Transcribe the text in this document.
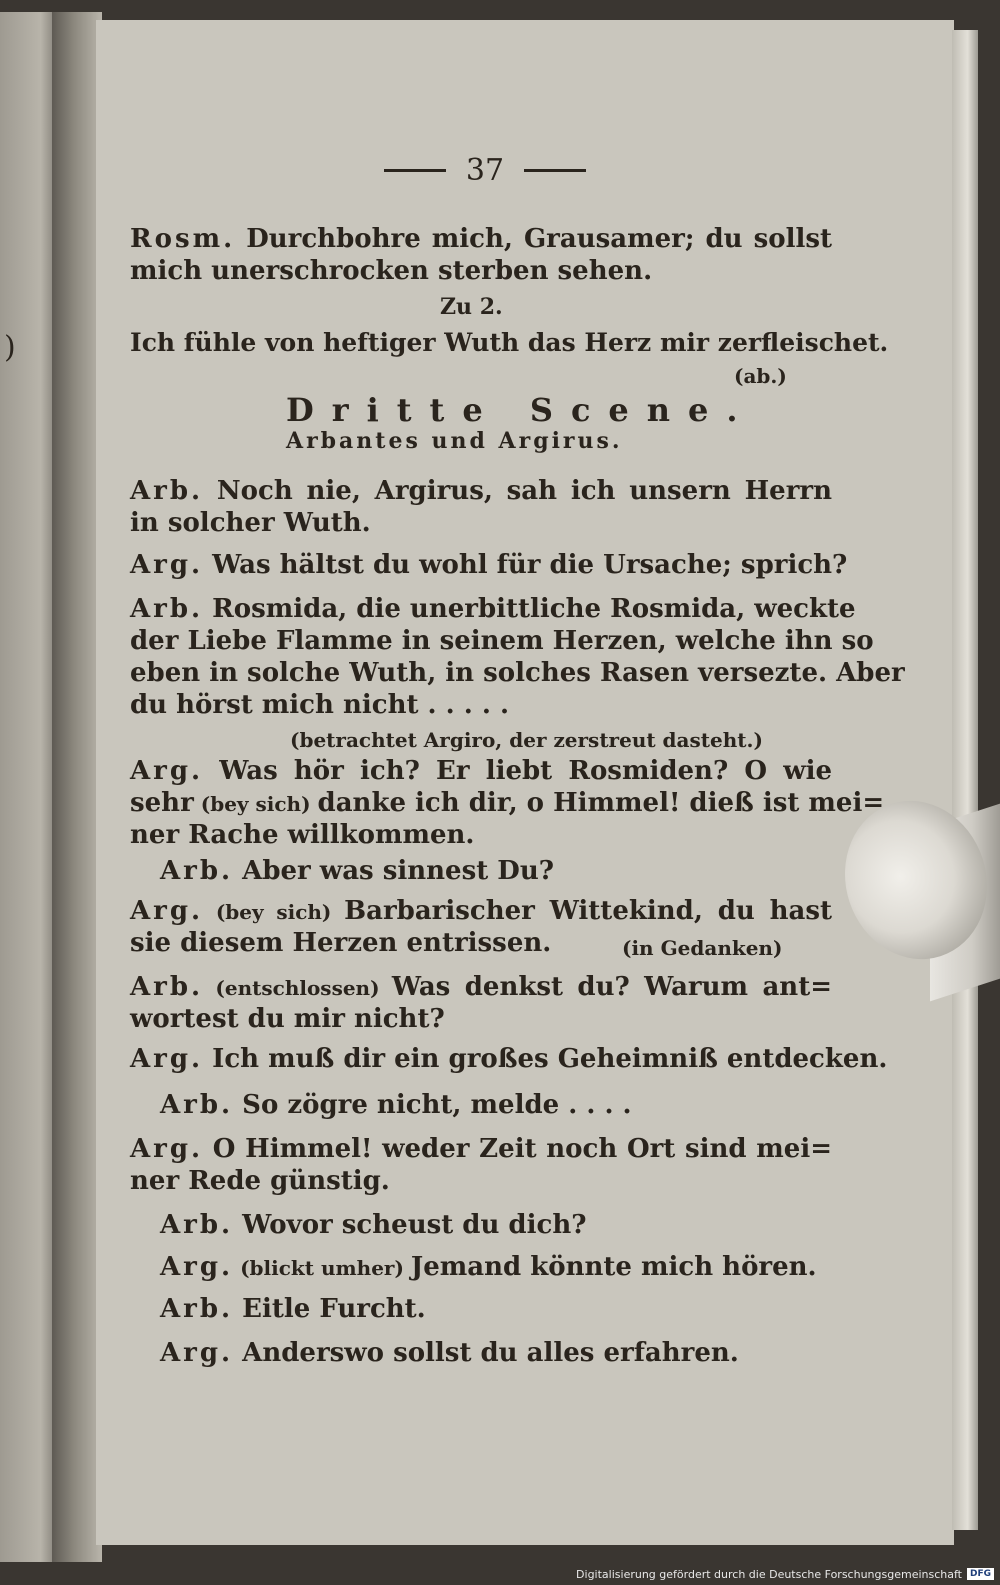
)
37

Rosm. Durchbohre mich, Grausamer; du sollst

mich unerschrocken sterben sehen.

Zu 2.

Ich fühle von heftiger Wuth das Herz mir zerfleischet.

(ab.)

Dritte Scene.

Arbantes und Argirus.

Arb. Noch nie, Argirus, sah ich unsern Herrn

in solcher Wuth.

Arg. Was hältst du wohl für die Ursache; sprich?

Arb. Rosmida, die unerbittliche Rosmida, weckte

der Liebe Flamme in seinem Herzen, welche ihn so

eben in solche Wuth, in solches Rasen versezte. Aber

du hörst mich nicht . . . . .

(betrachtet Argiro, der zerstreut dasteht.)

Arg. Was hör ich? Er liebt Rosmiden? O wie

sehr (bey sich) danke ich dir, o Himmel! dieß ist mei=

ner Rache willkommen.

Arb. Aber was sinnest Du?

Arg. (bey sich) Barbarischer Wittekind, du hast

sie diesem Herzen entrissen.	(in Gedanken)

Arb. (entschlossen) Was denkst du? Warum ant=

wortest du mir nicht?

Arg. Ich muß dir ein großes Geheimniß entdecken.

Arb. So zögre nicht, melde . . . .

Arg. O Himmel! weder Zeit noch Ort sind mei=

ner Rede günstig.

Arb. Wovor scheust du dich?

Arg. (blickt umher) Jemand könnte mich hören.

Arb. Eitle Furcht.

Arg. Anderswo sollst du alles erfahren.

Digitalisierung gefördert durch die Deutsche Forschungsgemeinschaft DFG
